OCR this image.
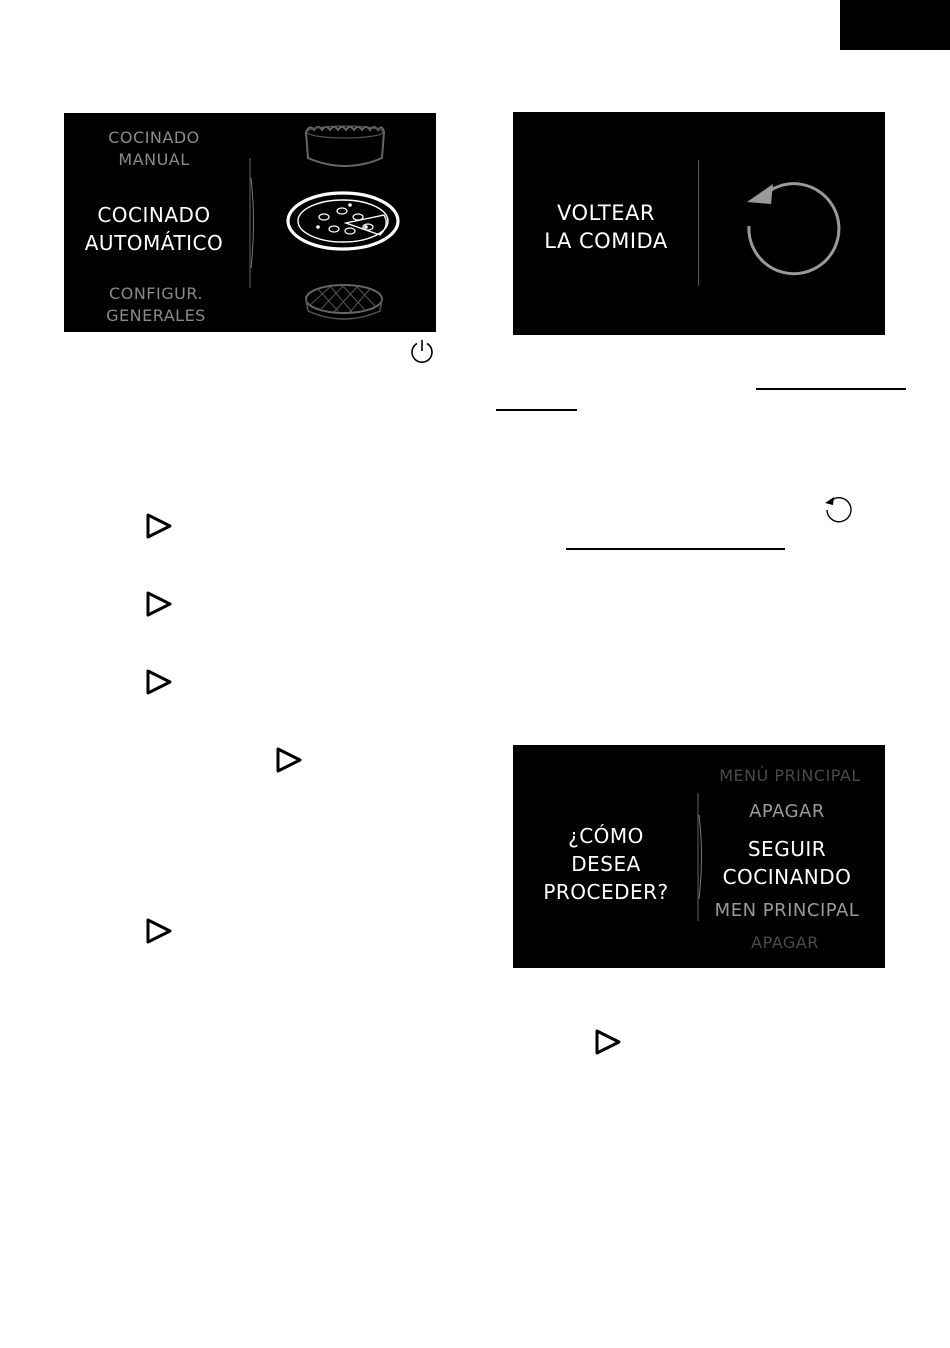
COCINADO
MANUAL
COCINADO
AUTOMÁTICO
CONFIGUR.
GENERALES
VOLTEAR
LA COMIDA
¿CÓMO
DESEA
PROCEDER?
MENÙ PRINCIPAL
APAGAR
SEGUIR
COCINANDO
MEN PRINCIPAL
APAGAR
